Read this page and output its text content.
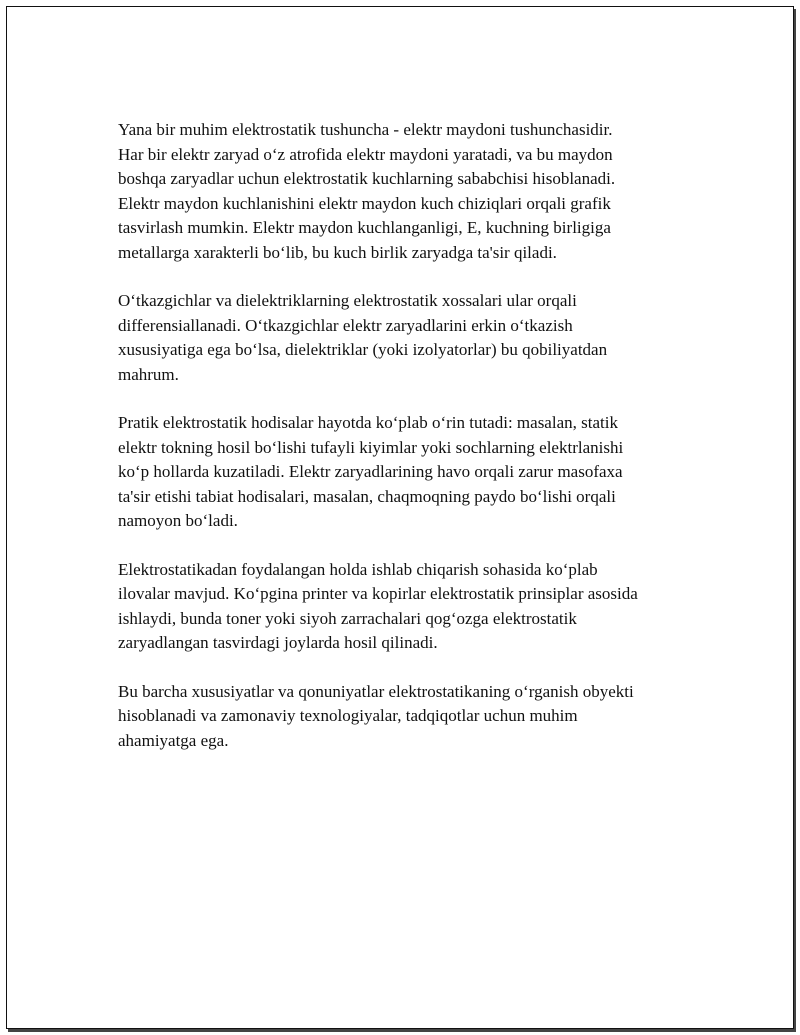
Yana bir muhim elektrostatik tushuncha - elektr maydoni tushunchasidir.
Har bir elektr zaryad o‘z atrofida elektr maydoni yaratadi, va bu maydon
boshqa zaryadlar uchun elektrostatik kuchlarning sababchisi hisoblanadi.
Elektr maydon kuchlanishini elektr maydon kuch chiziqlari orqali grafik
tasvirlash mumkin. Elektr maydon kuchlanganligi, E, kuchning birligiga
metallarga xarakterli bo‘lib, bu kuch birlik zaryadga ta'sir qiladi.

O‘tkazgichlar va dielektriklarning elektrostatik xossalari ular orqali
differensiallanadi. O‘tkazgichlar elektr zaryadlarini erkin o‘tkazish
xususiyatiga ega bo‘lsa, dielektriklar (yoki izolyatorlar) bu qobiliyatdan
mahrum.

Pratik elektrostatik hodisalar hayotda ko‘plab o‘rin tutadi: masalan, statik
elektr tokning hosil bo‘lishi tufayli kiyimlar yoki sochlarning elektrlanishi
ko‘p hollarda kuzatiladi. Elektr zaryadlarining havo orqali zarur masofaxa
ta'sir etishi tabiat hodisalari, masalan, chaqmoqning paydo bo‘lishi orqali
namoyon bo‘ladi.

Elektrostatikadan foydalangan holda ishlab chiqarish sohasida ko‘plab
ilovalar mavjud. Ko‘pgina printer va kopirlar elektrostatik prinsiplar asosida
ishlaydi, bunda toner yoki siyoh zarrachalari qog‘ozga elektrostatik
zaryadlangan tasvirdagi joylarda hosil qilinadi.

Bu barcha xususiyatlar va qonuniyatlar elektrostatikaning o‘rganish obyekti
hisoblanadi va zamonaviy texnologiyalar, tadqiqotlar uchun muhim
ahamiyatga ega.
